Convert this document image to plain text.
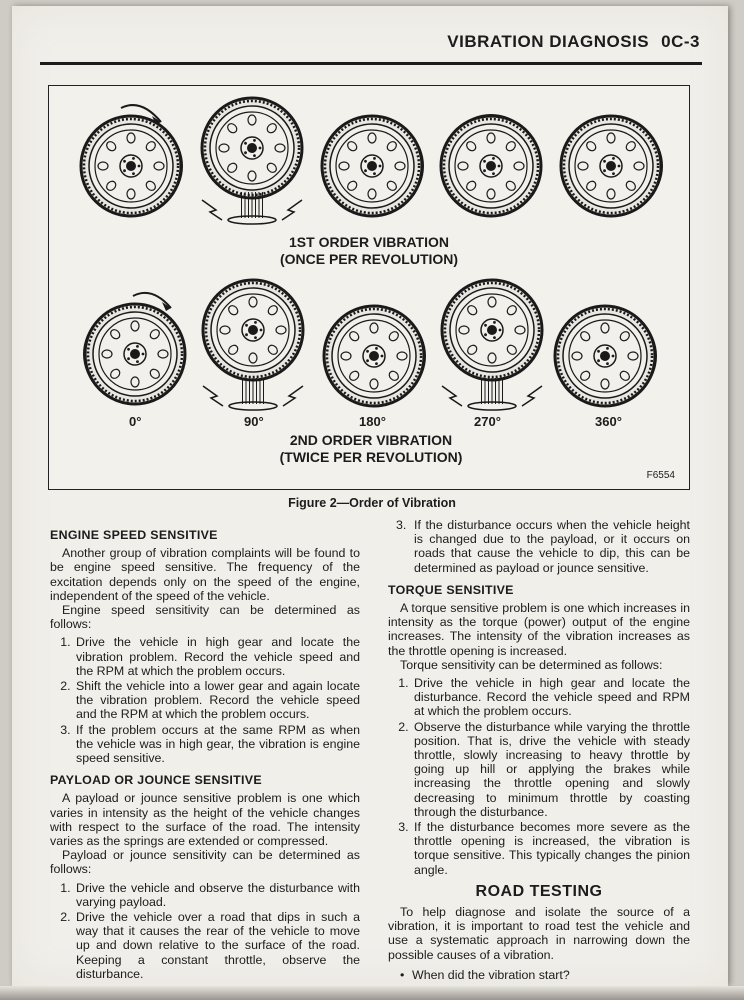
VIBRATION DIAGNOSIS 0C-3
1ST ORDER VIBRATION
(ONCE PER REVOLUTION)
0°	90°	180°	270°	360°
2ND ORDER VIBRATION
(TWICE PER REVOLUTION)
F6554
Figure 2—Order of Vibration
ENGINE SPEED SENSITIVE

Another group of vibration complaints will be found to be engine speed sensitive. The frequency of the excitation depends only on the speed of the engine, independent of the speed of the vehicle.

Engine speed sensitivity can be determined as follows:

1. Drive the vehicle in high gear and locate the vibration problem. Record the vehicle speed and the RPM at which the problem occurs.
2. Shift the vehicle into a lower gear and again locate the vibration problem. Record the vehicle speed and the RPM at which the problem occurs.
3. If the problem occurs at the same RPM as when the vehicle was in high gear, the vibration is engine speed sensitive.
PAYLOAD OR JOUNCE SENSITIVE

A payload or jounce sensitive problem is one which varies in intensity as the height of the vehicle changes with respect to the surface of the road. The intensity varies as the springs are extended or compressed.

Payload or jounce sensitivity can be determined as follows:

1. Drive the vehicle and observe the disturbance with varying payload.
2. Drive the vehicle over a road that dips in such a way that it causes the rear of the vehicle to move up and down relative to the surface of the road. Keeping a constant throttle, observe the disturbance.
3. If the disturbance occurs when the vehicle height is changed due to the payload, or it occurs on roads that cause the vehicle to dip, this can be determined as payload or jounce sensitive.
TORQUE SENSITIVE

A torque sensitive problem is one which increases in intensity as the torque (power) output of the engine increases. The intensity of the vibration increases as the throttle opening is increased.

Torque sensitivity can be determined as follows:

1. Drive the vehicle in high gear and locate the disturbance. Record the vehicle speed and RPM at which the problem occurs.
2. Observe the disturbance while varying the throttle position. That is, drive the vehicle with steady throttle, slowly increasing to heavy throttle by going up hill or applying the brakes while increasing the throttle opening and slowly decreasing to minimum throttle by coasting through the disturbance.
3. If the disturbance becomes more severe as the throttle opening is increased, the vibration is torque sensitive. This typically changes the pinion angle.
ROAD TESTING

To help diagnose and isolate the source of a vibration, it is important to road test the vehicle and use a systematic approach in narrowing down the possible causes of a vibration.

• When did the vibration start?
